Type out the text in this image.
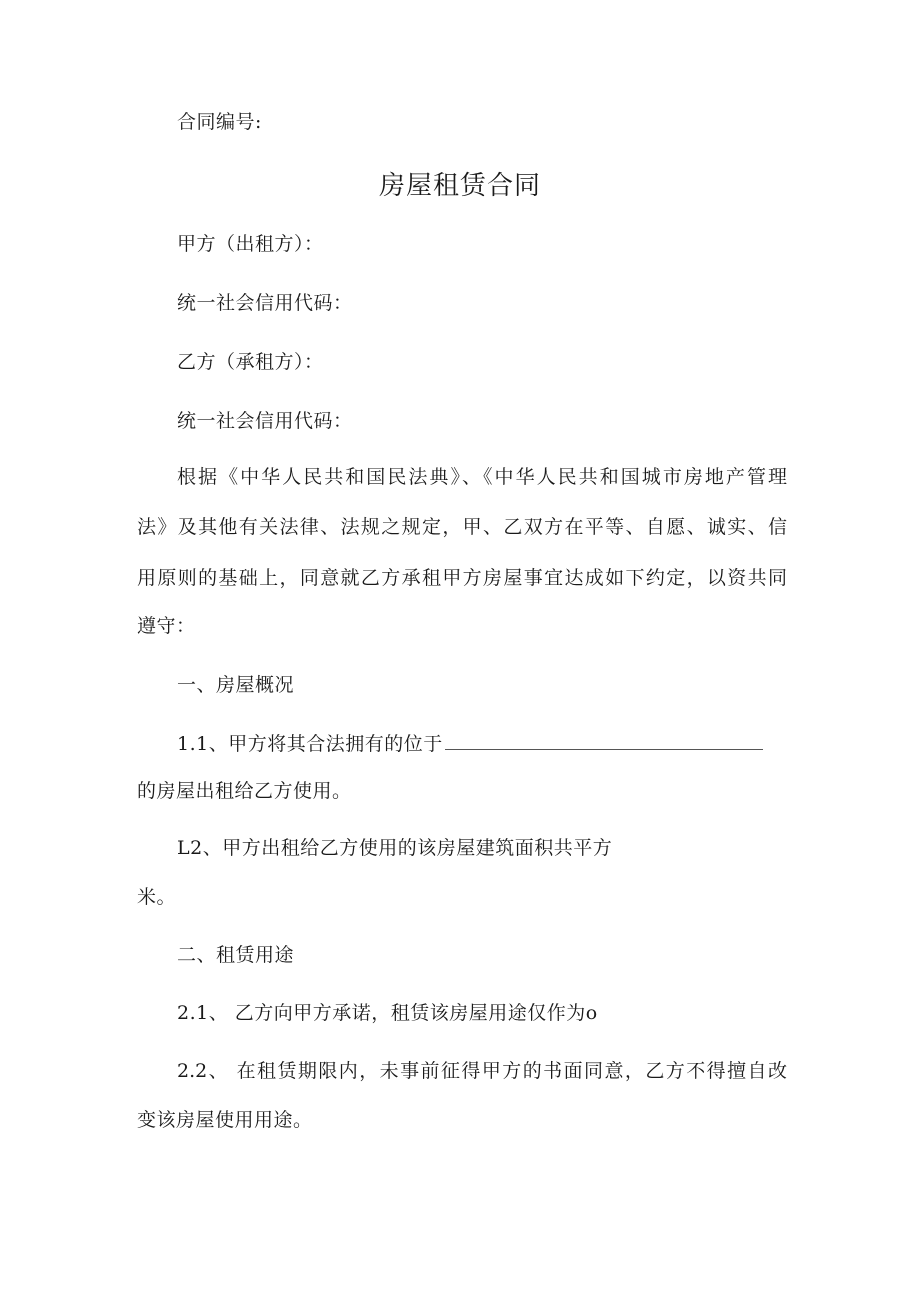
合同编号:
房屋租赁合同
甲方（出租方）：
统一社会信用代码：
乙方（承租方）：
统一社会信用代码：
根据《中华人民共和国民法典》、《中华人民共和国城市房地产管理
法》及其他有关法律、法规之规定，甲、乙双方在平等、自愿、诚实、信
用原则的基础上，同意就乙方承租甲方房屋事宜达成如下约定，以资共同
遵守：
一、房屋概况
1.1、甲方将其合法拥有的位于
的房屋出租给乙方使用。
L2、甲方出租给乙方使用的该房屋建筑面积共平方
米。
二、租赁用途
2.1、 乙方向甲方承诺，租赁该房屋用途仅作为o
2.2、 在租赁期限内，未事前征得甲方的书面同意，乙方不得擅自改
变该房屋使用用途。
